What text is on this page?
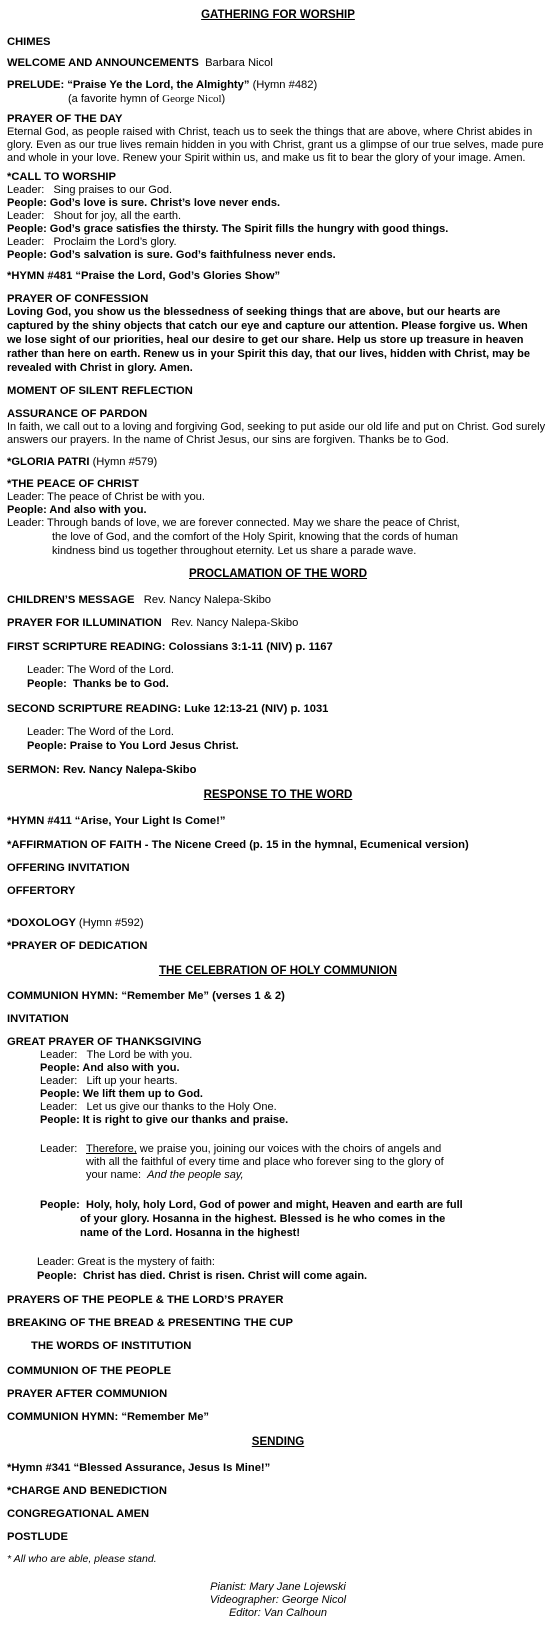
GATHERING FOR WORSHIP
CHIMES
WELCOME AND ANNOUNCEMENTS Barbara Nicol
PRELUDE: “Praise Ye the Lord, the Almighty” (Hymn #482)
(a favorite hymn of George Nicol)
PRAYER OF THE DAY
Eternal God, as people raised with Christ, teach us to seek the things that are above, where Christ abides in
glory. Even as our true lives remain hidden in you with Christ, grant us a glimpse of our true selves, made pure
and whole in your love. Renew your Spirit within us, and make us fit to bear the glory of your image. Amen.
*CALL TO WORSHIP
Leader: Sing praises to our God.
People: God’s love is sure. Christ’s love never ends.
Leader: Shout for joy, all the earth.
People: God’s grace satisfies the thirsty. The Spirit fills the hungry with good things.
Leader: Proclaim the Lord’s glory.
People: God’s salvation is sure. God’s faithfulness never ends.
*HYMN #481 “Praise the Lord, God’s Glories Show”
PRAYER OF CONFESSION
Loving God, you show us the blessedness of seeking things that are above, but our hearts are
captured by the shiny objects that catch our eye and capture our attention. Please forgive us. When
we lose sight of our priorities, heal our desire to get our share. Help us store up treasure in heaven
rather than here on earth. Renew us in your Spirit this day, that our lives, hidden with Christ, may be
revealed with Christ in glory. Amen.
MOMENT OF SILENT REFLECTION
ASSURANCE OF PARDON
In faith, we call out to a loving and forgiving God, seeking to put aside our old life and put on Christ. God surely
answers our prayers. In the name of Christ Jesus, our sins are forgiven. Thanks be to God.
*GLORIA PATRI (Hymn #579)
*THE PEACE OF CHRIST
Leader: The peace of Christ be with you.
People: And also with you.
Leader: Through bands of love, we are forever connected. May we share the peace of Christ,
the love of God, and the comfort of the Holy Spirit, knowing that the cords of human
kindness bind us together throughout eternity. Let us share a parade wave.
PROCLAMATION OF THE WORD
CHILDREN’S MESSAGE Rev. Nancy Nalepa-Skibo
PRAYER FOR ILLUMINATION Rev. Nancy Nalepa-Skibo
FIRST SCRIPTURE READING: Colossians 3:1-11 (NIV) p. 1167
Leader: The Word of the Lord.
People: Thanks be to God.
SECOND SCRIPTURE READING: Luke 12:13-21 (NIV) p. 1031
Leader: The Word of the Lord.
People: Praise to You Lord Jesus Christ.
SERMON: Rev. Nancy Nalepa-Skibo
RESPONSE TO THE WORD
*HYMN #411 “Arise, Your Light Is Come!”
*AFFIRMATION OF FAITH - The Nicene Creed (p. 15 in the hymnal, Ecumenical version)
OFFERING INVITATION
OFFERTORY
*DOXOLOGY (Hymn #592)
*PRAYER OF DEDICATION
THE CELEBRATION OF HOLY COMMUNION
COMMUNION HYMN: “Remember Me” (verses 1 & 2)
INVITATION
GREAT PRAYER OF THANKSGIVING
Leader: The Lord be with you.
People: And also with you.
Leader: Lift up your hearts.
People: We lift them up to God.
Leader: Let us give our thanks to the Holy One.
People: It is right to give our thanks and praise.
Leader: Therefore, we praise you, joining our voices with the choirs of angels and
with all the faithful of every time and place who forever sing to the glory of
your name: And the people say,
People: Holy, holy, holy Lord, God of power and might, Heaven and earth are full
of your glory. Hosanna in the highest. Blessed is he who comes in the
name of the Lord. Hosanna in the highest!
Leader: Great is the mystery of faith:
People: Christ has died. Christ is risen. Christ will come again.
PRAYERS OF THE PEOPLE & THE LORD’S PRAYER
BREAKING OF THE BREAD & PRESENTING THE CUP
THE WORDS OF INSTITUTION
COMMUNION OF THE PEOPLE
PRAYER AFTER COMMUNION
COMMUNION HYMN: “Remember Me”
SENDING
*Hymn #341 “Blessed Assurance, Jesus Is Mine!”
*CHARGE AND BENEDICTION
CONGREGATIONAL AMEN
POSTLUDE
* All who are able, please stand.
Pianist: Mary Jane Lojewski
Videographer: George Nicol
Editor: Van Calhoun
